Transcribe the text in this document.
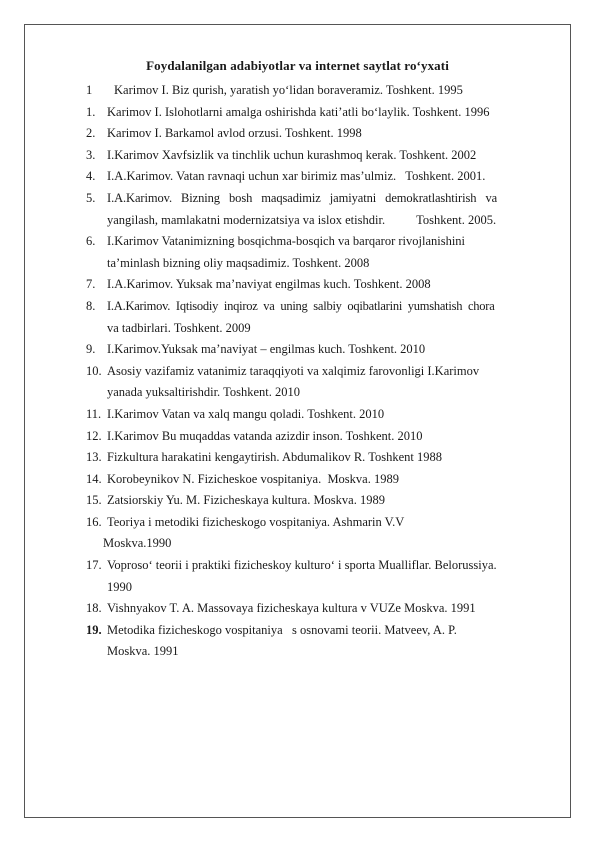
Foydalanilgan adabiyotlar va internet saytlat ro‘yxati
1 Karimov I. Biz qurish, yaratish yo‘lidan boraveramiz. Toshkent. 1995
1. Karimov I. Islohotlarni amalga oshirishda kati’atli bo‘laylik. Toshkent. 1996
2. Karimov I. Barkamol avlod orzusi. Toshkent. 1998
3. I.Karimov Xavfsizlik va tinchlik uchun kurashmoq kerak. Toshkent. 2002
4. I.A.Karimov. Vatan ravnaqi uchun xar birimiz mas’ulmiz.   Toshkent. 2001.
5. I.A.Karimov.   Bizning   bosh   maqsadimiz   jamiyatni   demokratlashtirish   va
yangilash, mamlakatni modernizatsiya va islox etishdir.          Toshkent. 2005.
6. I.Karimov Vatanimizning bosqichma-bosqich va barqaror rivojlanishini
ta’minlash bizning oliy maqsadimiz. Toshkent. 2008
7. I.A.Karimov. Yuksak ma’naviyat engilmas kuch. Toshkent. 2008
8. I.A.Karimov.  Iqtisodiy  inqiroz  va  uning  salbiy  oqibatlarini  yumshatish  chora
va tadbirlari. Toshkent. 2009
9. I.Karimov.Yuksak ma’naviyat – engilmas kuch. Toshkent. 2010
10. Asosiy vazifamiz vatanimiz taraqqiyoti va xalqimiz farovonligi I.Karimov
yanada yuksaltirishdir. Toshkent. 2010
11. I.Karimov Vatan va xalq mangu qoladi. Toshkent. 2010
12. I.Karimov Bu muqaddas vatanda azizdir inson. Toshkent. 2010
13. Fizkultura harakatini kengaytirish. Abdumalikov R. Toshkent 1988
14. Korobeynikov N. Fizicheskoe vospitaniya.  Moskva. 1989
15. Zatsiorskiy Yu. M. Fizicheskaya kultura. Moskva. 1989
16. Teoriya i metodiki fizicheskogo vospitaniya. Ashmarin V.V
Moskva.1990
17. Voproso‘ teorii i praktiki fizicheskoy kulturo‘ i sporta Mualliflar. Belorussiya.
1990
18. Vishnyakov T. A. Massovaya fizicheskaya kultura v VUZe Moskva. 1991
19. Metodika fizicheskogo vospitaniya   s osnovami teorii. Matveev, A. P.
Moskva. 1991
